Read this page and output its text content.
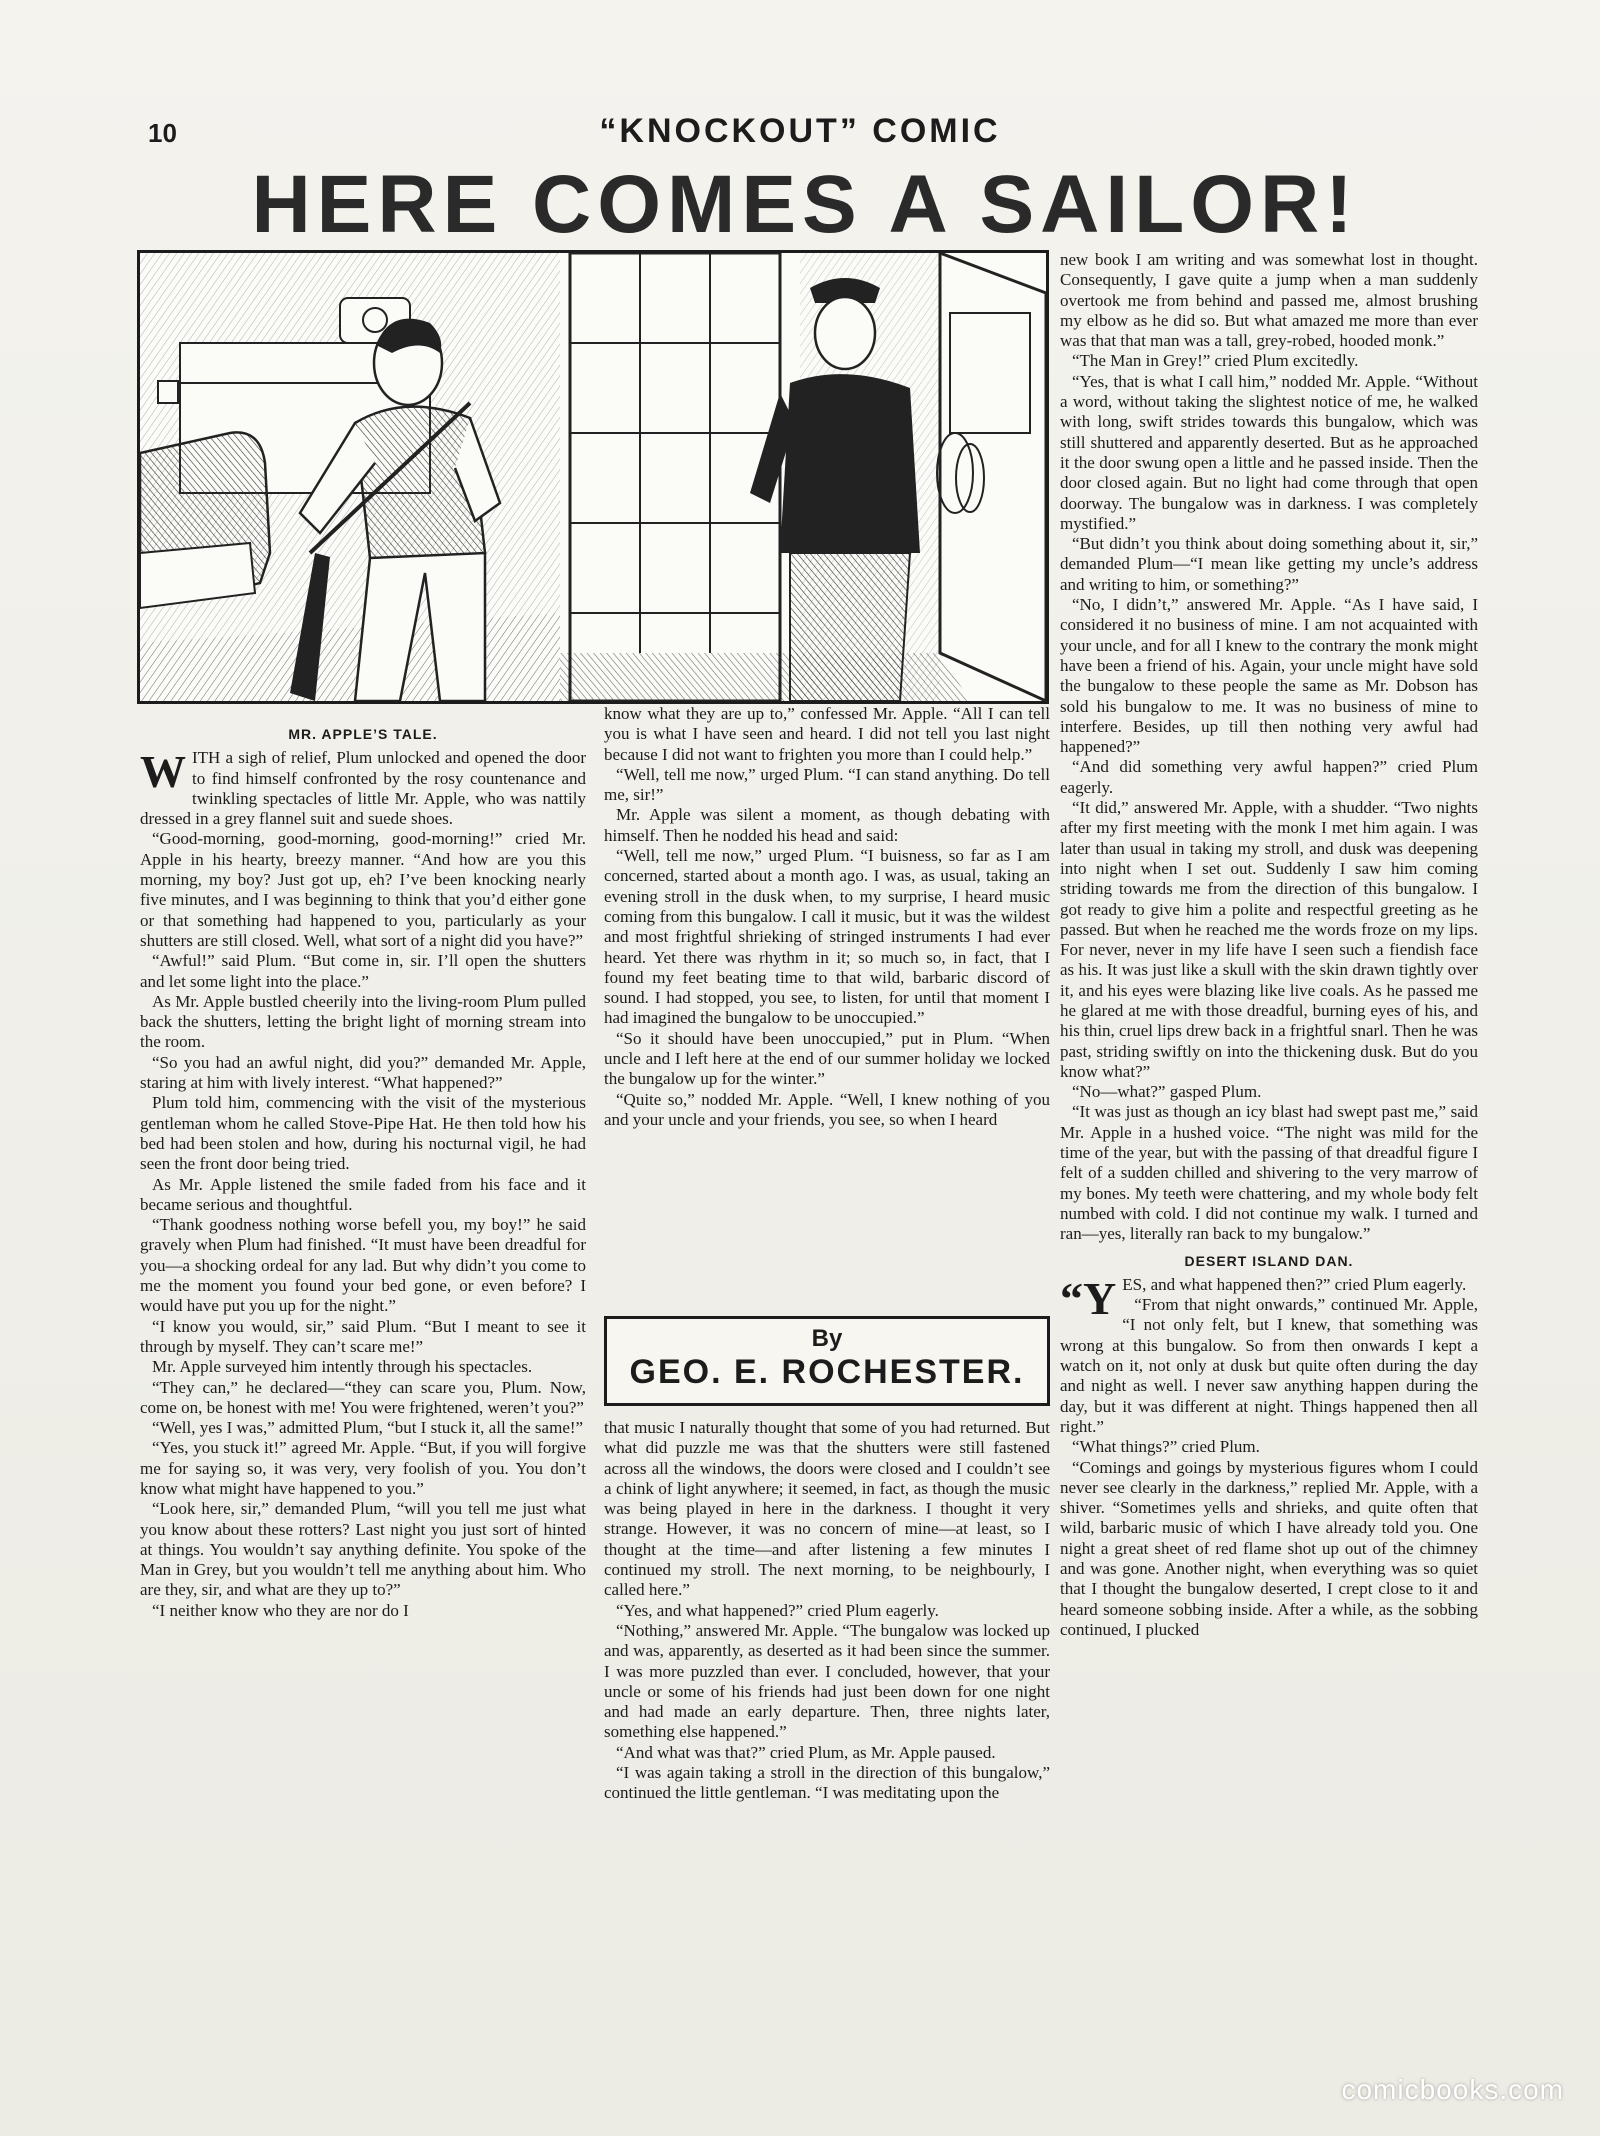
10	“KNOCKOUT” COMIC
HERE COMES A SAILOR!
MR. APPLE’S TALE.

WITH a sigh of relief, Plum unlocked and opened the door to find himself confronted by the rosy countenance and twinkling spectacles of little Mr. Apple, who was nattily dressed in a grey flannel suit and suede shoes.

“Good-morning, good-morning, good-morning!” cried Mr. Apple in his hearty, breezy manner. “And how are you this morning, my boy? Just got up, eh? I’ve been knocking nearly five minutes, and I was beginning to think that you’d either gone or that something had happened to you, particularly as your shutters are still closed. Well, what sort of a night did you have?”

“Awful!” said Plum. “But come in, sir. I’ll open the shutters and let some light into the place.”

As Mr. Apple bustled cheerily into the living-room Plum pulled back the shutters, letting the bright light of morning stream into the room.

“So you had an awful night, did you?” demanded Mr. Apple, staring at him with lively interest. “What happened?”

Plum told him, commencing with the visit of the mysterious gentleman whom he called Stove-Pipe Hat. He then told how his bed had been stolen and how, during his nocturnal vigil, he had seen the front door being tried.

As Mr. Apple listened the smile faded from his face and it became serious and thoughtful.

“Thank goodness nothing worse befell you, my boy!” he said gravely when Plum had finished. “It must have been dreadful for you—a shocking ordeal for any lad. But why didn’t you come to me the moment you found your bed gone, or even before? I would have put you up for the night.”

“I know you would, sir,” said Plum. “But I meant to see it through by myself. They can’t scare me!”

Mr. Apple surveyed him intently through his spectacles.

“They can,” he declared—“they can scare you, Plum. Now, come on, be honest with me! You were frightened, weren’t you?”

“Well, yes I was,” admitted Plum, “but I stuck it, all the same!”

“Yes, you stuck it!” agreed Mr. Apple. “But, if you will forgive me for saying so, it was very, very foolish of you. You don’t know what might have happened to you.”

“Look here, sir,” demanded Plum, “will you tell me just what you know about these rotters? Last night you just sort of hinted at things. You wouldn’t say anything definite. You spoke of the Man in Grey, but you wouldn’t tell me anything about him. Who are they, sir, and what are they up to?”

“I neither know who they are nor do I

know what they are up to,” confessed Mr. Apple. “All I can tell you is what I have seen and heard. I did not tell you last night because I did not want to frighten you more than I could help.”

“Well, tell me now,” urged Plum. “I can stand anything. Do tell me, sir!”

Mr. Apple was silent a moment, as though debating with himself. Then he nodded his head and said:

“Well, tell me now,” urged Plum. “I buisness, so far as I am concerned, started about a month ago. I was, as usual, taking an evening stroll in the dusk when, to my surprise, I heard music coming from this bungalow. I call it music, but it was the wildest and most frightful shrieking of stringed instruments I had ever heard. Yet there was rhythm in it; so much so, in fact, that I found my feet beating time to that wild, barbaric discord of sound. I had stopped, you see, to listen, for until that moment I had imagined the bungalow to be unoccupied.”

“So it should have been unoccupied,” put in Plum. “When uncle and I left here at the end of our summer holiday we locked the bungalow up for the winter.”

“Quite so,” nodded Mr. Apple. “Well, I knew nothing of you and your uncle and your friends, you see, so when I heard

By
GEO. E. ROCHESTER.

that music I naturally thought that some of you had returned. But what did puzzle me was that the shutters were still fastened across all the windows, the doors were closed and I couldn’t see a chink of light anywhere; it seemed, in fact, as though the music was being played in here in the darkness. I thought it very strange. However, it was no concern of mine—at least, so I thought at the time—and after listening a few minutes I continued my stroll. The next morning, to be neighbourly, I called here.”

“Yes, and what happened?” cried Plum eagerly.

“Nothing,” answered Mr. Apple. “The bungalow was locked up and was, apparently, as deserted as it had been since the summer. I was more puzzled than ever. I concluded, however, that your uncle or some of his friends had just been down for one night and had made an early departure. Then, three nights later, something else happened.”

“And what was that?” cried Plum, as Mr. Apple paused.

“I was again taking a stroll in the direction of this bungalow,” continued the little gentleman. “I was meditating upon the

new book I am writing and was somewhat lost in thought. Consequently, I gave quite a jump when a man suddenly overtook me from behind and passed me, almost brushing my elbow as he did so. But what amazed me more than ever was that that man was a tall, grey-robed, hooded monk.”

“The Man in Grey!” cried Plum excitedly.

“Yes, that is what I call him,” nodded Mr. Apple. “Without a word, without taking the slightest notice of me, he walked with long, swift strides towards this bungalow, which was still shuttered and apparently deserted. But as he approached it the door swung open a little and he passed inside. Then the door closed again. But no light had come through that open doorway. The bungalow was in darkness. I was completely mystified.”

“But didn’t you think about doing something about it, sir,” demanded Plum—“I mean like getting my uncle’s address and writing to him, or something?”

“No, I didn’t,” answered Mr. Apple. “As I have said, I considered it no business of mine. I am not acquainted with your uncle, and for all I knew to the contrary the monk might have been a friend of his. Again, your uncle might have sold the bungalow to these people the same as Mr. Dobson has sold his bungalow to me. It was no business of mine to interfere. Besides, up till then nothing very awful had happened?”

“And did something very awful happen?” cried Plum eagerly.

“It did,” answered Mr. Apple, with a shudder. “Two nights after my first meeting with the monk I met him again. I was later than usual in taking my stroll, and dusk was deepening into night when I set out. Suddenly I saw him coming striding towards me from the direction of this bungalow. I got ready to give him a polite and respectful greeting as he passed. But when he reached me the words froze on my lips. For never, never in my life have I seen such a fiendish face as his. It was just like a skull with the skin drawn tightly over it, and his eyes were blazing like live coals. As he passed me he glared at me with those dreadful, burning eyes of his, and his thin, cruel lips drew back in a frightful snarl. Then he was past, striding swiftly on into the thickening dusk. But do you know what?”

“No—what?” gasped Plum.

“It was just as though an icy blast had swept past me,” said Mr. Apple in a hushed voice. “The night was mild for the time of the year, but with the passing of that dreadful figure I felt of a sudden chilled and shivering to the very marrow of my bones. My teeth were chattering, and my whole body felt numbed with cold. I did not continue my walk. I turned and ran—yes, literally ran back to my bungalow.”

DESERT ISLAND DAN.

“YES, and what happened then?” cried Plum eagerly.

“From that night onwards,” continued Mr. Apple, “I not only felt, but I knew, that something was wrong at this bungalow. So from then onwards I kept a watch on it, not only at dusk but quite often during the day and night as well. I never saw anything happen during the day, but it was different at night. Things happened then all right.”

“What things?” cried Plum.

“Comings and goings by mysterious figures whom I could never see clearly in the darkness,” replied Mr. Apple, with a shiver. “Sometimes yells and shrieks, and quite often that wild, barbaric music of which I have already told you. One night a great sheet of red flame shot up out of the chimney and was gone. Another night, when everything was so quiet that I thought the bungalow deserted, I crept close to it and heard someone sobbing inside. After a while, as the sobbing continued, I plucked

comicbooks.com
